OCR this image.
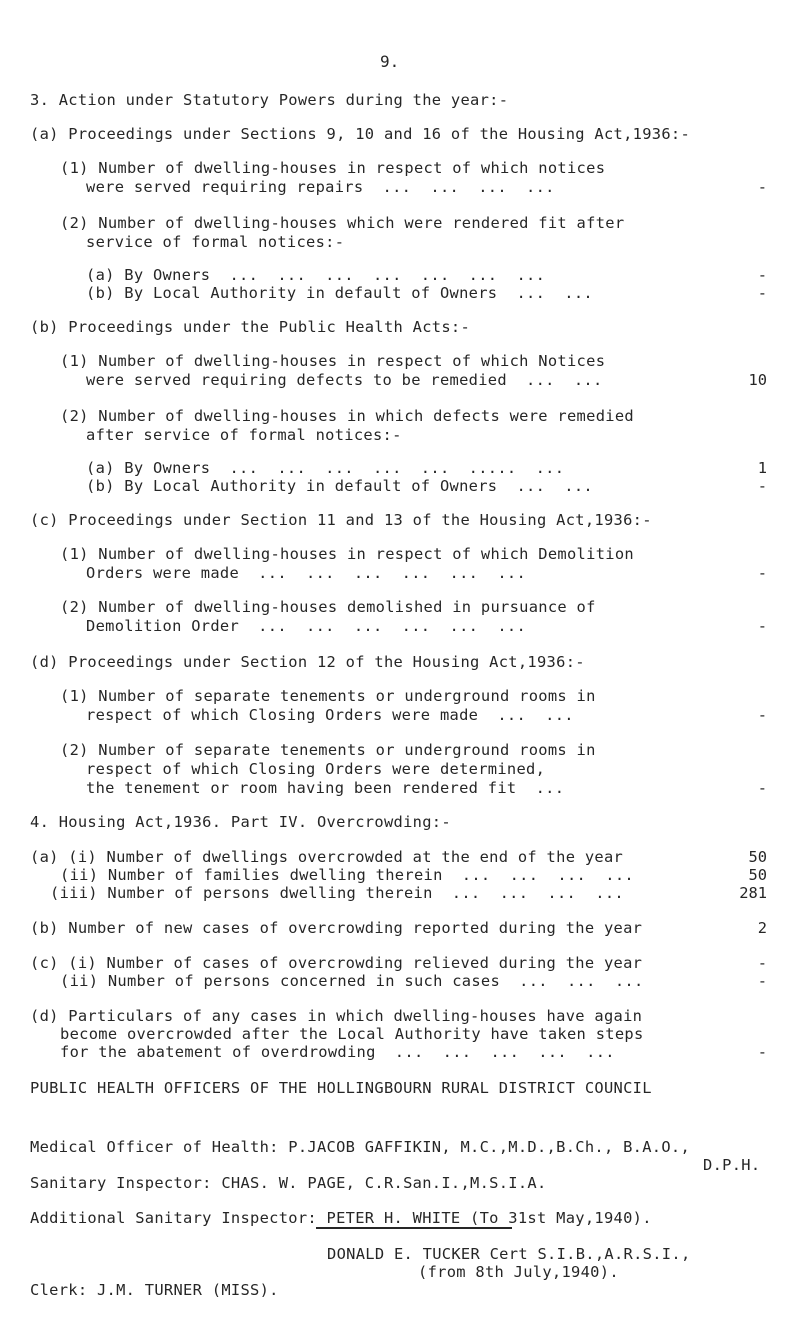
9.
3. Action under Statutory Powers during the year:-
(a) Proceedings under Sections 9, 10 and 16 of the Housing Act,1936:-
(1) Number of dwelling-houses in respect of which notices
were served requiring repairs  ...  ...  ...  ...	-
(2) Number of dwelling-houses which were rendered fit after
service of formal notices:-
(a) By Owners  ...  ...  ...  ...  ...  ...  ...	-
(b) By Local Authority in default of Owners  ...  ...	-
(b) Proceedings under the Public Health Acts:-
(1) Number of dwelling-houses in respect of which Notices
were served requiring defects to be remedied  ...  ...	10
(2) Number of dwelling-houses in which defects were remedied
after service of formal notices:-
(a) By Owners  ...  ...  ...  ...  ...  .....  ...	1
(b) By Local Authority in default of Owners  ...  ...	-
(c) Proceedings under Section 11 and 13 of the Housing Act,1936:-
(1) Number of dwelling-houses in respect of which Demolition
Orders were made  ...  ...  ...  ...  ...  ...	-
(2) Number of dwelling-houses demolished in pursuance of
Demolition Order  ...  ...  ...  ...  ...  ...	-
(d) Proceedings under Section 12 of the Housing Act,1936:-
(1) Number of separate tenements or underground rooms in
respect of which Closing Orders were made  ...  ...	-
(2) Number of separate tenements or underground rooms in
respect of which Closing Orders were determined,
the tenement or room having been rendered fit  ...	-
4. Housing Act,1936. Part IV. Overcrowding:-
(a) (i) Number of dwellings overcrowded at the end of the year	50
(ii) Number of families dwelling therein  ...  ...  ...  ...	50
(iii) Number of persons dwelling therein  ...  ...  ...  ...	281
(b) Number of new cases of overcrowding reported during the year	2
(c) (i) Number of cases of overcrowding relieved during the year	-
(ii) Number of persons concerned in such cases  ...  ...  ...	-
(d) Particulars of any cases in which dwelling-houses have again
become overcrowded after the Local Authority have taken steps
for the abatement of overdrowding  ...  ...  ...  ...  ...	-
PUBLIC HEALTH OFFICERS OF THE HOLLINGBOURN RURAL DISTRICT COUNCIL
Medical Officer of Health: P.JACOB GAFFIKIN, M.C.,M.D.,B.Ch., B.A.O.,
D.P.H.
Sanitary Inspector: CHAS. W. PAGE, C.R.San.I.,M.S.I.A.
Additional Sanitary Inspector: PETER H. WHITE (To 31st May,1940).
DONALD E. TUCKER Cert S.I.B.,A.R.S.I.,
(from 8th July,1940).
Clerk: J.M. TURNER (MISS).
